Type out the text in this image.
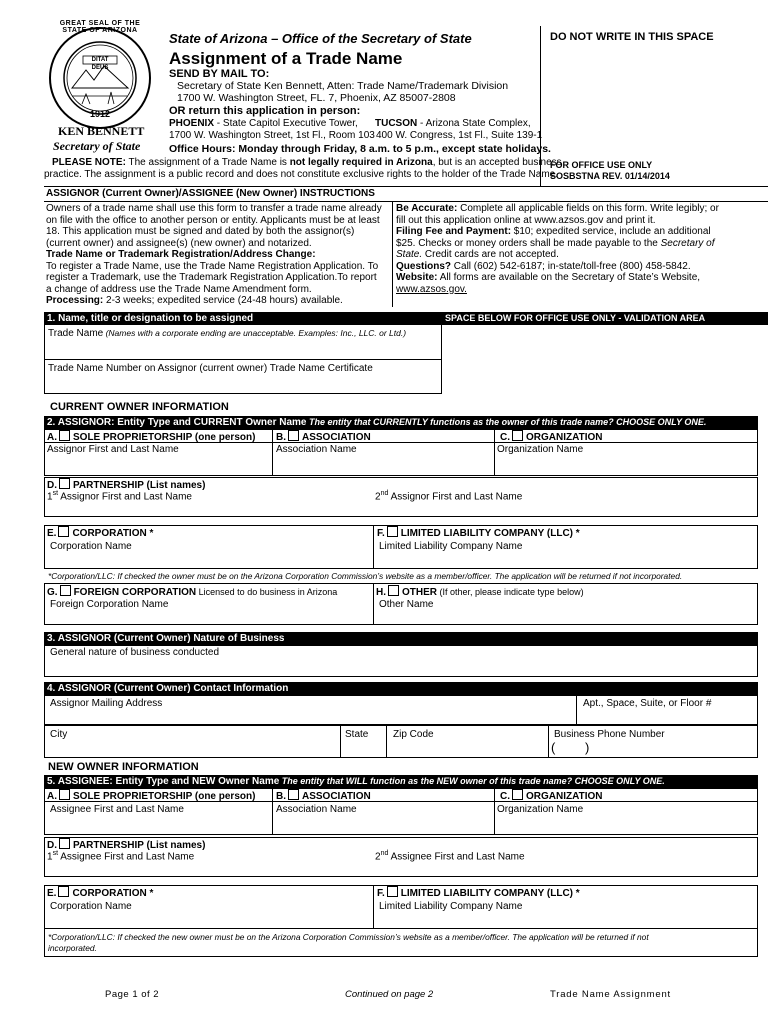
GREAT SEAL OF THE STATE OF ARIZONA
DITAT DEUS
1912
KEN BENNETT
Secretary of State
State of Arizona – Office of the Secretary of State
Assignment of a Trade Name
SEND BY MAIL TO:
Secretary of State Ken Bennett, Atten: Trade Name/Trademark Division
1700 W. Washington Street, FL. 7, Phoenix, AZ 85007-2808
OR return this application in person:
PHOENIX - State Capitol Executive Tower,
1700 W. Washington Street, 1st Fl., Room 103
TUCSON - Arizona State Complex,
400 W. Congress, 1st Fl., Suite 139-1
Office Hours: Monday through Friday, 8 a.m. to 5 p.m., except state holidays.
PLEASE NOTE: The assignment of a Trade Name is not legally required in Arizona, but is an accepted business
practice. The assignment is a public record and does not constitute exclusive rights to the holder of the Trade Name.
DO NOT WRITE IN THIS SPACE
FOR OFFICE USE ONLY
SOSBSTNA REV. 01/14/2014
ASSIGNOR (Current Owner)/ASSIGNEE (New Owner) INSTRUCTIONS
Owners of a trade name shall use this form to transfer a trade name already
on file with the office to another person or entity. Applicants must be at least
18. This application must be signed and dated by both the assignor(s)
(current owner) and assignee(s) (new owner) and notarized.
Trade Name or Trademark Registration/Address Change:
To register a Trade Name, use the Trade Name Registration Application. To
register a Trademark, use the Trademark Registration Application.To report
a change of address use the Trade Name Amendment form.
Processing: 2-3 weeks; expedited service (24-48 hours) available.
Be Accurate: Complete all applicable fields on this form. Write legibly; or
fill out this application online at www.azsos.gov and print it.
Filing Fee and Payment: $10; expedited service, include an additional
$25. Checks or money orders shall be made payable to the Secretary of
State. Credit cards are not accepted.
Questions? Call (602) 542-6187; in-state/toll-free (800) 458-5842.
Website: All forms are available on the Secretary of State’s Website,
www.azsos.gov.
1. Name, title or designation to be assigned	SPACE BELOW FOR OFFICE USE ONLY - VALIDATION AREA
Trade Name (Names with a corporate ending are unacceptable. Examples: Inc., LLC. or Ltd.)
Trade Name Number on Assignor (current owner) Trade Name Certificate
CURRENT OWNER INFORMATION
2. ASSIGNOR: Entity Type and CURRENT Owner Name The entity that CURRENTLY functions as the owner of this trade name? CHOOSE ONLY ONE.
A. SOLE PROPRIETORSHIP (one person)
Assignor First and Last Name
B. ASSOCIATION
Association Name
C. ORGANIZATION
Organization Name
D. PARTNERSHIP (List names)
1st Assignor First and Last Name	2nd Assignor First and Last Name
E. CORPORATION *
Corporation Name
F. LIMITED LIABILITY COMPANY (LLC) *
Limited Liability Company Name
*Corporation/LLC: If checked the owner must be on the Arizona Corporation Commission’s website as a member/officer. The application will be returned if not incorporated.
G. FOREIGN CORPORATION Licensed to do business in Arizona
Foreign Corporation Name
H. OTHER (If other, please indicate type below)
Other Name
3. ASSIGNOR (Current Owner) Nature of Business
General nature of business conducted
4. ASSIGNOR (Current Owner) Contact Information
Assignor Mailing Address	Apt., Space, Suite, or Floor #
City	State Zip Code	Business Phone Number
( )
NEW OWNER INFORMATION
5. ASSIGNEE: Entity Type and NEW Owner Name The entity that WILL function as the NEW owner of this trade name? CHOOSE ONLY ONE.
A. SOLE PROPRIETORSHIP (one person)
Assignee First and Last Name
B. ASSOCIATION
Association Name
C. ORGANIZATION
Organization Name
D. PARTNERSHIP (List names)
1st Assignee First and Last Name	2nd Assignee First and Last Name
E. CORPORATION *
Corporation Name
F. LIMITED LIABILITY COMPANY (LLC) *
Limited Liability Company Name
*Corporation/LLC: If checked the new owner must be on the Arizona Corporation Commission’s website as a member/officer. The application will be returned if not
incorporated.
Page 1 of 2	Continued on page 2	Trade Name Assignment
